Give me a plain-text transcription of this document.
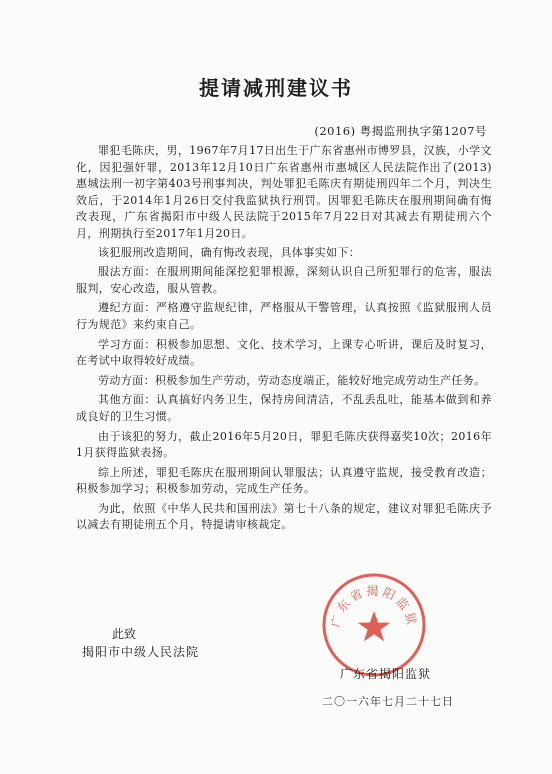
提请减刑建议书
(2016) 粤揭监刑执字第1207号

罪犯毛陈庆，男，1967年7月17日出生于广东省惠州市博罗县，汉族，小学文化，因犯强奸罪，2013年12月10日广东省惠州市惠城区人民法院作出了(2013)惠城法刑一初字第403号刑事判决，判处罪犯毛陈庆有期徒刑四年二个月，判决生效后，于2014年1月26日交付我监狱执行刑罚。因罪犯毛陈庆在服刑期间确有悔改表现，广东省揭阳市中级人民法院于2015年7月22日对其减去有期徒刑六个月，刑期执行至2017年1月20日。

该犯服刑改造期间，确有悔改表现，具体事实如下：

服法方面：在服刑期间能深挖犯罪根源，深刻认识自己所犯罪行的危害，服法服判，安心改造，服从管教。

遵纪方面：严格遵守监规纪律，严格服从干警管理，认真按照《监狱服刑人员行为规范》来约束自己。

学习方面：积极参加思想、文化、技术学习，上课专心听讲，课后及时复习，在考试中取得较好成绩。

劳动方面：积极参加生产劳动，劳动态度端正，能较好地完成劳动生产任务。

其他方面：认真搞好内务卫生，保持房间清洁，不乱丢乱吐，能基本做到和养成良好的卫生习惯。

由于该犯的努力，截止2016年5月20日，罪犯毛陈庆获得嘉奖10次；2016年1月获得监狱表扬。

综上所述，罪犯毛陈庆在服刑期间认罪服法；认真遵守监规，接受教育改造；积极参加学习；积极参加劳动，完成生产任务。

为此，依照《中华人民共和国刑法》第七十八条的规定，建议对罪犯毛陈庆予以减去有期徒刑五个月，特提请审核裁定。

此致
揭阳市中级人民法院
广东省揭阳监狱
广东省揭阳监狱
二〇一六年七月二十七日
